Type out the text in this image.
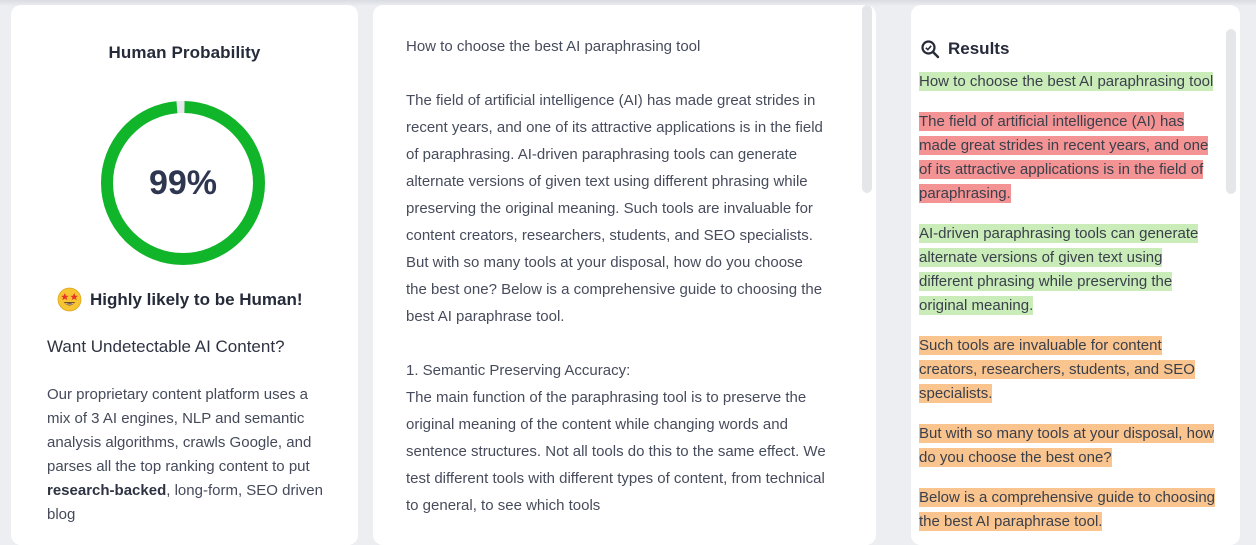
Human Probability
99%
Highly likely to be Human!
Want Undetectable AI Content?
Our proprietary content platform uses a mix of 3 AI engines, NLP and semantic analysis algorithms, crawls Google, and parses all the top ranking content to put research-backed, long-form, SEO driven blog

How to choose the best AI paraphrasing tool

The field of artificial intelligence (AI) has made great strides in recent years, and one of its attractive applications is in the field of paraphrasing. AI-driven paraphrasing tools can generate alternate versions of given text using different phrasing while preserving the original meaning. Such tools are invaluable for content creators, researchers, students, and SEO specialists. But with so many tools at your disposal, how do you choose the best one? Below is a comprehensive guide to choosing the best AI paraphrase tool.

1. Semantic Preserving Accuracy:

The main function of the paraphrasing tool is to preserve the original meaning of the content while changing words and sentence structures. Not all tools do this to the same effect. We test different tools with different types of content, from technical to general, to see which tools

Results
How to choose the best AI paraphrasing tool
The field of artificial intelligence (AI) has made great strides in recent years, and one of its attractive applications is in the field of paraphrasing.
AI-driven paraphrasing tools can generate alternate versions of given text using different phrasing while preserving the original meaning.
Such tools are invaluable for content creators, researchers, students, and SEO specialists.
But with so many tools at your disposal, how do you choose the best one?
Below is a comprehensive guide to choosing the best AI paraphrase tool.
